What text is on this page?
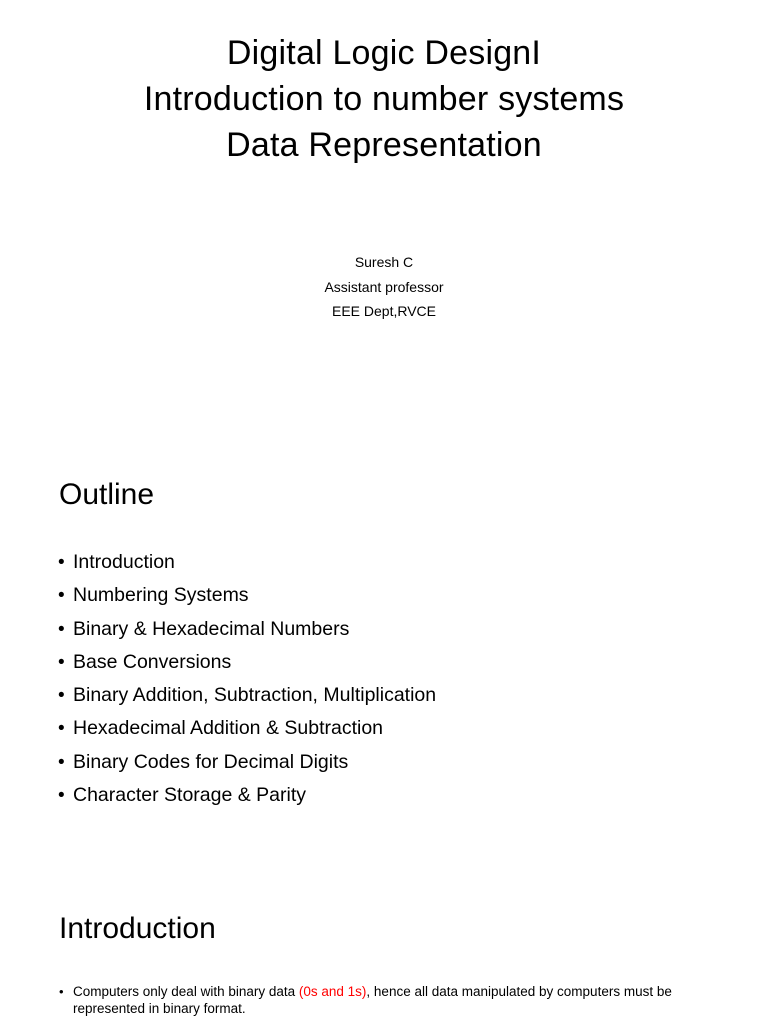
Digital Logic DesignI
Introduction to number systems
Data Representation
Suresh C
Assistant professor
EEE Dept,RVCE
Outline
• Introduction
• Numbering Systems
• Binary & Hexadecimal Numbers
• Base Conversions
• Binary Addition, Subtraction, Multiplication
• Hexadecimal Addition & Subtraction
• Binary Codes for Decimal Digits
• Character Storage & Parity
Introduction
• Computers only deal with binary data (0s and 1s), hence all data manipulated by computers must be represented in binary format.
